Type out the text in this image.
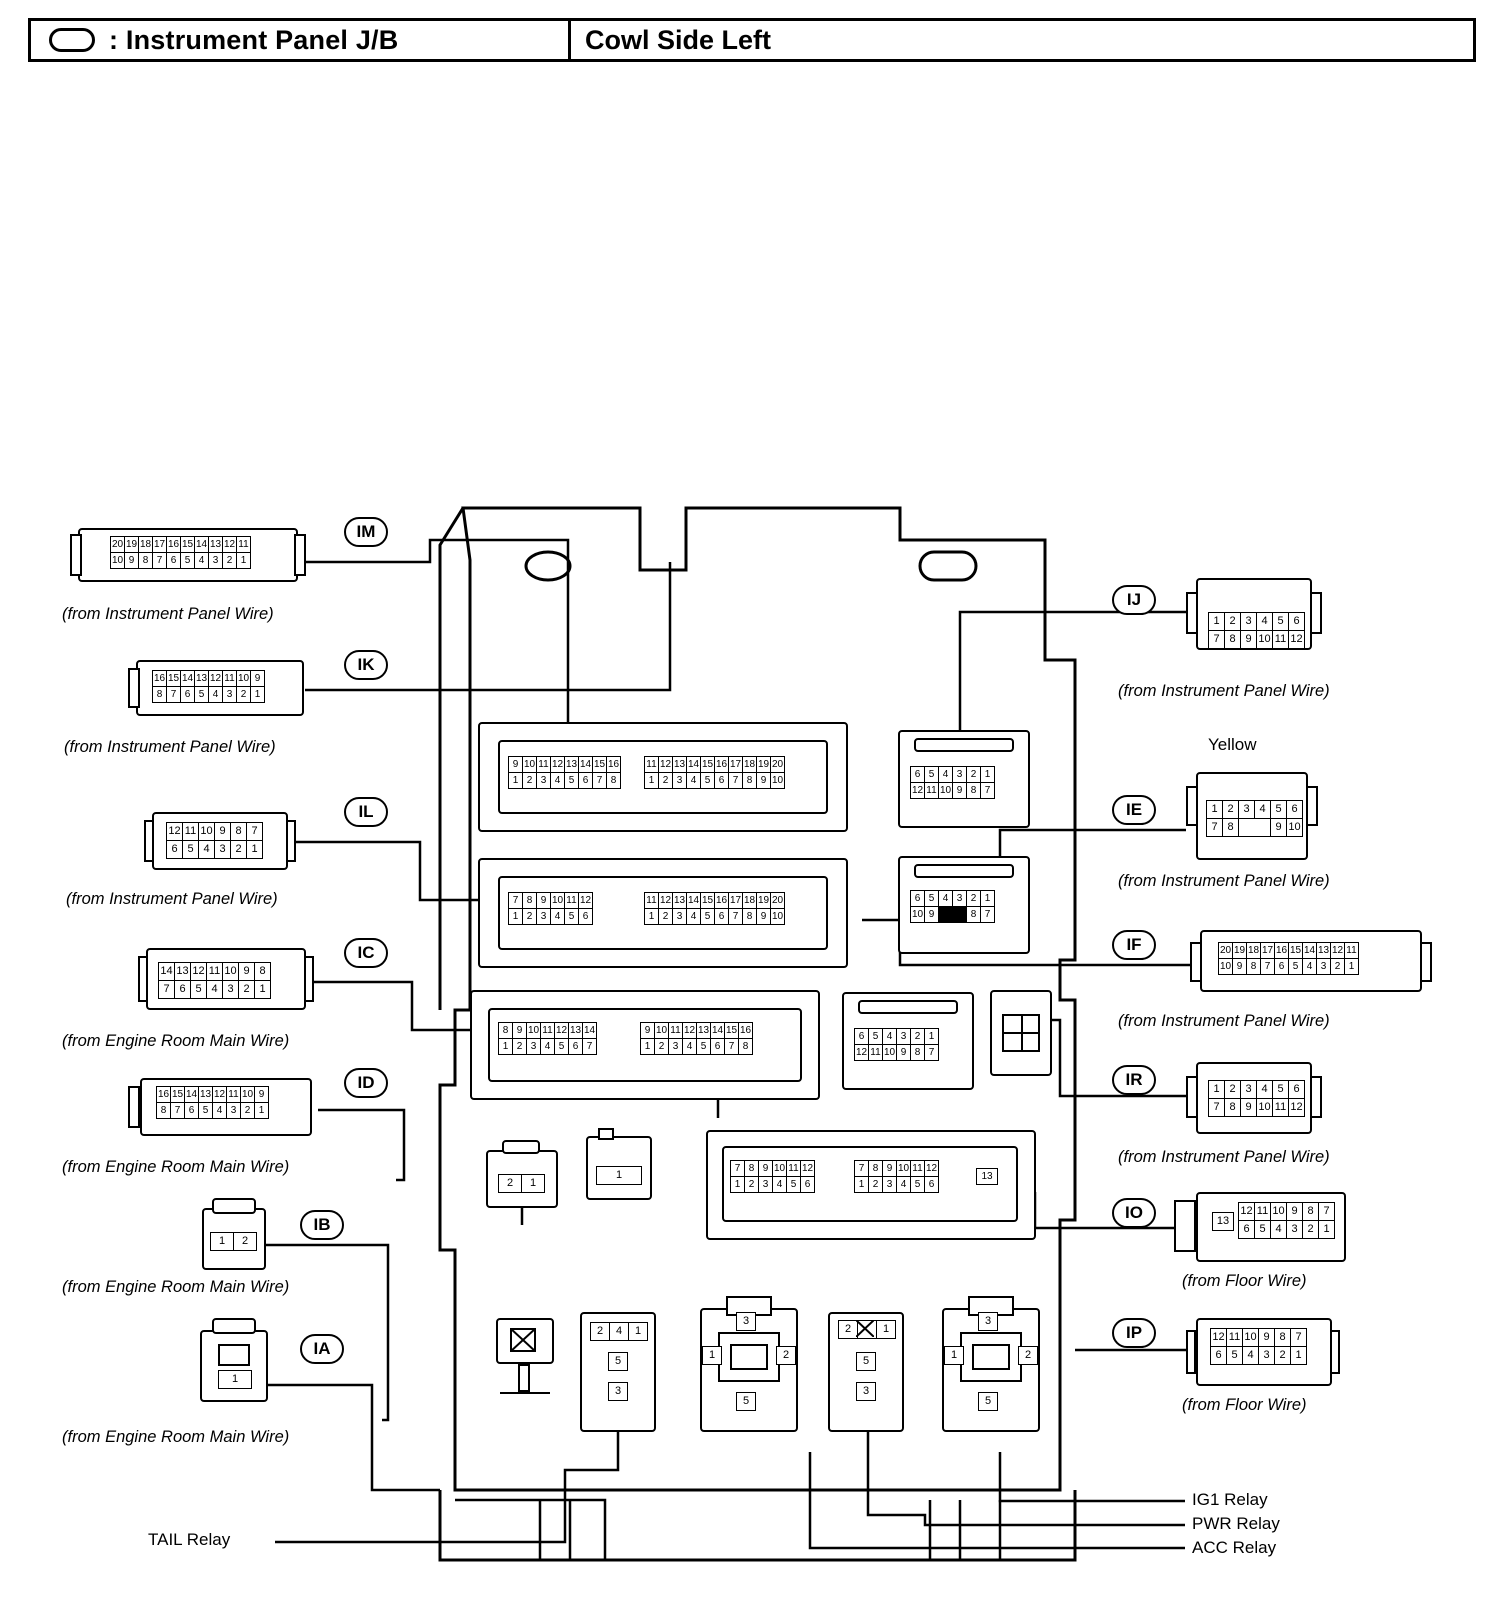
: Instrument Panel J/B	Cowl Side Left
20	19	18	17	16	15	14	13	12	11
10	9	8	7	6	5	4	3	2	1
IM
(from Instrument Panel Wire)
16	15	14	13	12	11	10	9
8	7	6	5	4	3	2	1
IK
(from Instrument Panel Wire)
12	11	10	9	8	7
6	5	4	3	2	1
IL
(from Instrument Panel Wire)
14	13	12	11	10	9	8
7	6	5	4	3	2	1
IC
(from Engine Room Main Wire)
16	15	14	13	12	11	10	9
8	7	6	5	4	3	2	1
ID
(from Engine Room Main Wire)
1	2
IB
(from Engine Room Main Wire)
1
IA
(from Engine Room Main Wire)
1	2	3	4	5	6
7	8	9	10	11	12
IJ
(from Instrument Panel Wire)
Yellow
1	2	3	4	5	6
7	8			9	10
IE
(from Instrument Panel Wire)
20	19	18	17	16	15	14	13	12	11
10	9	8	7	6	5	4	3	2	1
IF
(from Instrument Panel Wire)
1	2	3	4	5	6
7	8	9	10	11	12
IR
(from Instrument Panel Wire)
13
12	11	10	9	8	7
6	5	4	3	2	1
IO
(from Floor Wire)
12	11	10	9	8	7
6	5	4	3	2	1
IP
(from Floor Wire)
9	10	11	12	13	14	15	16
1	2	3	4	5	6	7	8
11	12	13	14	15	16	17	18	19	20
1	2	3	4	5	6	7	8	9	10
7	8	9	10	11	12
1	2	3	4	5	6
11	12	13	14	15	16	17	18	19	20
1	2	3	4	5	6	7	8	9	10
8	9	10	11	12	13	14
1	2	3	4	5	6	7
9	10	11	12	13	14	15	16
1	2	3	4	5	6	7	8
6	5	4	3	2	1
12	11	10	9	8	7
6	5	4	3	2	1
10	9			8	7
6	5	4	3	2	1
12	11	10	9	8	7
7	8	9	10	11	12
1	2	3	4	5	6
7	8	9	10	11	12
1	2	3	4	5	6
13
2	1
1
2	4	1
5
3
3
1	2
5
2		1
5
3
3
1	2
5
IG1 Relay
PWR Relay
ACC Relay
TAIL Relay
